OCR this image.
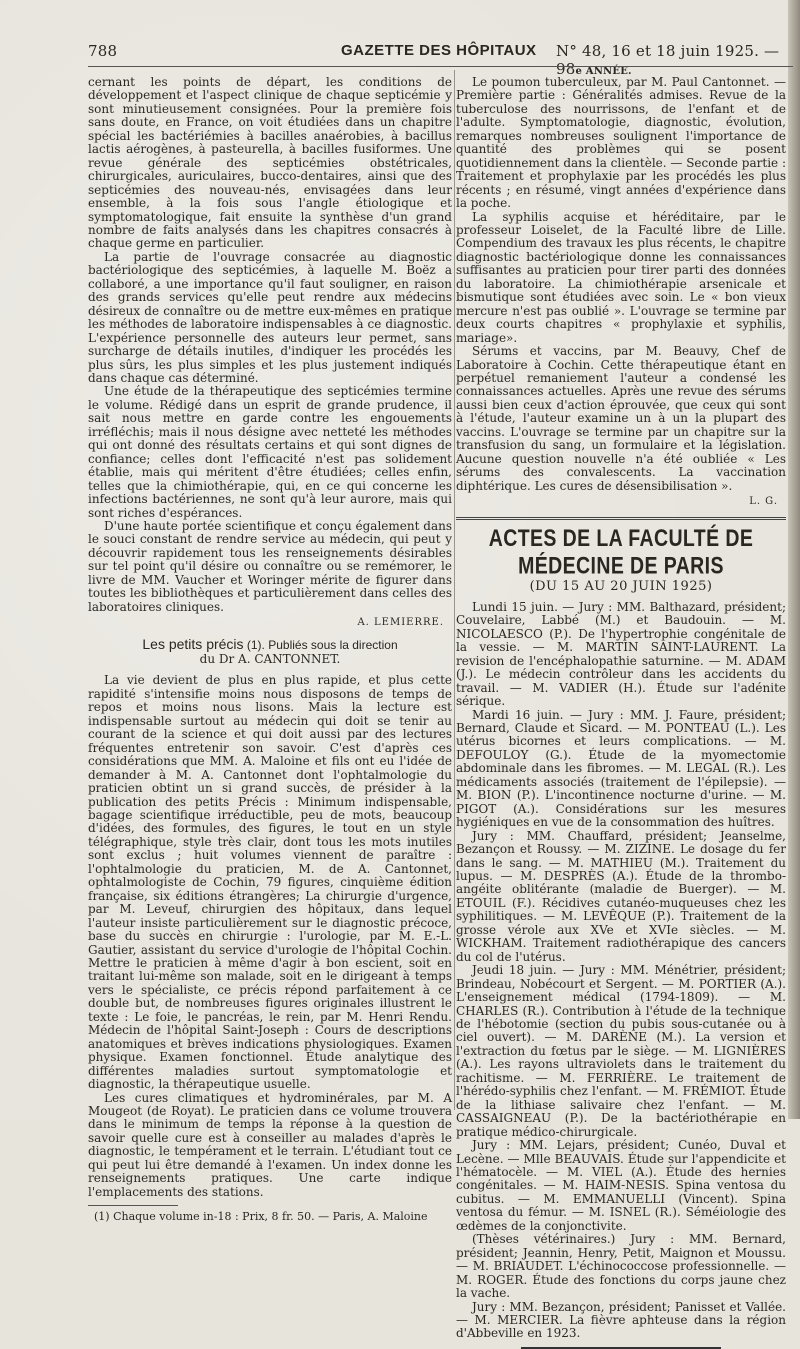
788	GAZETTE DES HÔPITAUX N° 48, 16 et 18 juin 1925. — 98e ANNÉE.

cernant les points de départ, les conditions de développement et l'aspect clinique de chaque septicémie y sont minutieusement consignées. Pour la première fois sans doute, en France, on voit étudiées dans un chapitre spécial les bactériémies à bacilles anaérobies, à bacillus lactis aérogènes, à pasteurella, à bacilles fusiformes. Une revue générale des septicémies obstétricales, chirurgicales, auriculaires, bucco-dentaires, ainsi que des septicémies des nouveau-nés, envisagées dans leur ensemble, à la fois sous l'angle étiologique et symptomatologique, fait ensuite la synthèse d'un grand nombre de faits analysés dans les chapitres consacrés à chaque germe en particulier.

La partie de l'ouvrage consacrée au diagnostic bactériologique des septicémies, à laquelle M. Boëz a collaboré, a une importance qu'il faut souligner, en raison des grands services qu'elle peut rendre aux médecins désireux de connaître ou de mettre eux-mêmes en pratique les méthodes de laboratoire indispensables à ce diagnostic. L'expérience personnelle des auteurs leur permet, sans surcharge de détails inutiles, d'indiquer les procédés les plus sûrs, les plus simples et les plus justement indiqués dans chaque cas déterminé.

Une étude de la thérapeutique des septicémies termine le volume. Rédigé dans un esprit de grande prudence, il sait nous mettre en garde contre les engouements irréfléchis; mais il nous désigne avec netteté les méthodes qui ont donné des résultats certains et qui sont dignes de confiance; celles dont l'efficacité n'est pas solidement établie, mais qui méritent d'être étudiées; celles enfin, telles que la chimiothérapie, qui, en ce qui concerne les infections bactériennes, ne sont qu'à leur aurore, mais qui sont riches d'espérances.

D'une haute portée scientifique et conçu également dans le souci constant de rendre service au médecin, qui peut y découvrir rapidement tous les renseignements désirables sur tel point qu'il désire ou connaître ou se remémorer, le livre de MM. Vaucher et Woringer mérite de figurer dans toutes les bibliothèques et particulièrement dans celles des laboratoires cliniques.

A. LEMIERRE.
Les petits précis (1). Publiés sous la direction
du Dr A. CANTONNET.

La vie devient de plus en plus rapide, et plus cette rapidité s'intensifie moins nous disposons de temps de repos et moins nous lisons. Mais la lecture est indispensable surtout au médecin qui doit se tenir au courant de la science et qui doit aussi par des lectures fréquentes entretenir son savoir. C'est d'après ces considérations que MM. A. Maloine et fils ont eu l'idée de demander à M. A. Cantonnet dont l'ophtalmologie du praticien obtint un si grand succès, de présider à la publication des petits Précis : Minimum indispensable, bagage scientifique irréductible, peu de mots, beaucoup d'idées, des formules, des figures, le tout en un style télégraphique, style très clair, dont tous les mots inutiles sont exclus ; huit volumes viennent de paraître : l'ophtalmologie du praticien, M. de A. Cantonnet, ophtalmologiste de Cochin, 79 figures, cinquième édition française, six éditions étrangères; La chirurgie d'urgence, par M. Leveuf, chirurgien des hôpitaux, dans lequel l'auteur insiste particulièrement sur le diagnostic précoce, base du succès en chirurgie : l'urologie, par M. E.-L. Gautier, assistant du service d'urologie de l'hôpital Cochin. Mettre le praticien à même d'agir à bon escient, soit en traitant lui-même son malade, soit en le dirigeant à temps vers le spécialiste, ce précis répond parfaitement à ce double but, de nombreuses figures originales illustrent le texte : Le foie, le pancréas, le rein, par M. Henri Rendu. Médecin de l'hôpital Saint-Joseph : Cours de descriptions anatomiques et brèves indications physiologiques. Examen physique. Examen fonctionnel. Étude analytique des différentes maladies surtout symptomatologie et diagnostic, la thérapeutique usuelle.

Les cures climatiques et hydrominérales, par M. A Mougeot (de Royat). Le praticien dans ce volume trouvera dans le minimum de temps la réponse à la question de savoir quelle cure est à conseiller au malades d'après le diagnostic, le tempérament et le terrain. L'étudiant tout ce qui peut lui être demandé à l'examen. Un index donne les renseignements pratiques. Une carte indique l'emplacements des stations.

(1) Chaque volume in-18 : Prix, 8 fr. 50. — Paris, A. Maloine

Le poumon tuberculeux, par M. Paul Cantonnet. — Première partie : Généralités admises. Revue de la tuberculose des nourrissons, de l'enfant et de l'adulte. Symptomatologie, diagnostic, évolution, remarques nombreuses soulignent l'importance de quantité des problèmes qui se posent quotidiennement dans la clientèle. — Seconde partie : Traitement et prophylaxie par les procédés les plus récents ; en résumé, vingt années d'expérience dans la poche.

La syphilis acquise et héréditaire, par le professeur Loiselet, de la Faculté libre de Lille. Compendium des travaux les plus récents, le chapitre diagnostic bactériologique donne les connaissances suffisantes au praticien pour tirer parti des données du laboratoire. La chimiothérapie arsenicale et bismutique sont étudiées avec soin. Le « bon vieux mercure n'est pas oublié ». L'ouvrage se termine par deux courts chapitres « prophylaxie et syphilis, mariage».

Sérums et vaccins, par M. Beauvy, Chef de Laboratoire à Cochin. Cette thérapeutique étant en perpétuel remaniement l'auteur a condensé les connaissances actuelles. Après une revue des sérums aussi bien ceux d'action éprouvée, que ceux qui sont à l'étude, l'auteur examine un à un la plupart des vaccins. L'ouvrage se termine par un chapitre sur la transfusion du sang, un formulaire et la législation. Aucune question nouvelle n'a été oubliée « Les sérums des convalescents. La vaccination diphtérique. Les cures de désensibilisation ».

L. G.
ACTES DE LA FACULTÉ DE MÉDECINE DE PARIS
(DU 15 AU 20 JUIN 1925)

Lundi 15 juin. — Jury : MM. Balthazard, président; Couvelaire, Labbé (M.) et Baudouin. — M. NICOLAESCO (P.). De l'hypertrophie congénitale de la vessie. — M. MARTIN SAINT-LAURENT. La revision de l'encéphalopathie saturnine. — M. ADAM (J.). Le médecin contrôleur dans les accidents du travail. — M. VADIER (H.). Étude sur l'adénite sérique.

Mardi 16 juin. — Jury : MM. J. Faure, président; Bernard, Claude et Sicard. — M. PONTEAU (L.). Les utérus bicornes et leurs complications. — M. DEFOULOY (G.). Étude de la myomectomie abdominale dans les fibromes. — M. LEGAL (R.). Les médicaments associés (traitement de l'épilepsie). — M. BION (P.). L'incontinence nocturne d'urine. — M. PIGOT (A.). Considérations sur les mesures hygiéniques en vue de la consommation des huîtres.

Jury : MM. Chauffard, président; Jeanselme, Bezançon et Roussy. — M. ZIZINE. Le dosage du fer dans le sang. — M. MATHIEU (M.). Traitement du lupus. — M. DESPRÈS (A.). Étude de la thrombo-angéite oblitérante (maladie de Buerger). — M. ETOUIL (F.). Récidives cutanéo-muqueuses chez les syphilitiques. — M. LEVÊQUE (P.). Traitement de la grosse vérole aux XVe et XVIe siècles. — M. WICKHAM. Traitement radiothérapique des cancers du col de l'utérus.

Jeudi 18 juin. — Jury : MM. Ménétrier, président; Brindeau, Nobécourt et Sergent. — M. PORTIER (A.). L'enseignement médical (1794-1809). — M. CHARLES (R.). Contribution à l'étude de la technique de l'hébotomie (section du pubis sous-cutanée ou à ciel ouvert). — M. DARÈNE (M.). La version et l'extraction du fœtus par le siège. — M. LIGNIÈRES (A.). Les rayons ultraviolets dans le traitement du rachitisme. — M. FERRIÈRE. Le traitement de l'hérédo-syphilis chez l'enfant. — M. FRÉMIOT. Étude de la lithiase salivaire chez l'enfant. — M. CASSAIGNEAU (P.). De la bactériothérapie en pratique médico-chirurgicale.

Jury : MM. Lejars, président; Cunéo, Duval et Lecène. — Mlle BEAUVAIS. Étude sur l'appendicite et l'hématocèle. — M. VIEL (A.). Étude des hernies congénitales. — M. HAIM-NESIS. Spina ventosa du cubitus. — M. EMMANUELLI (Vincent). Spina ventosa du fémur. — M. ISNEL (R.). Séméiologie des œdèmes de la conjonctivite.

(Thèses vétérinaires.) Jury : MM. Bernard, président; Jeannin, Henry, Petit, Maignon et Moussu. — M. BRIAUDET. L'échinococcose professionnelle. — M. ROGER. Étude des fonctions du corps jaune chez la vache.

Jury : MM. Bezançon, président; Panisset et Vallée. — M. MERCIER. La fièvre aphteuse dans la région d'Abbeville en 1923.
